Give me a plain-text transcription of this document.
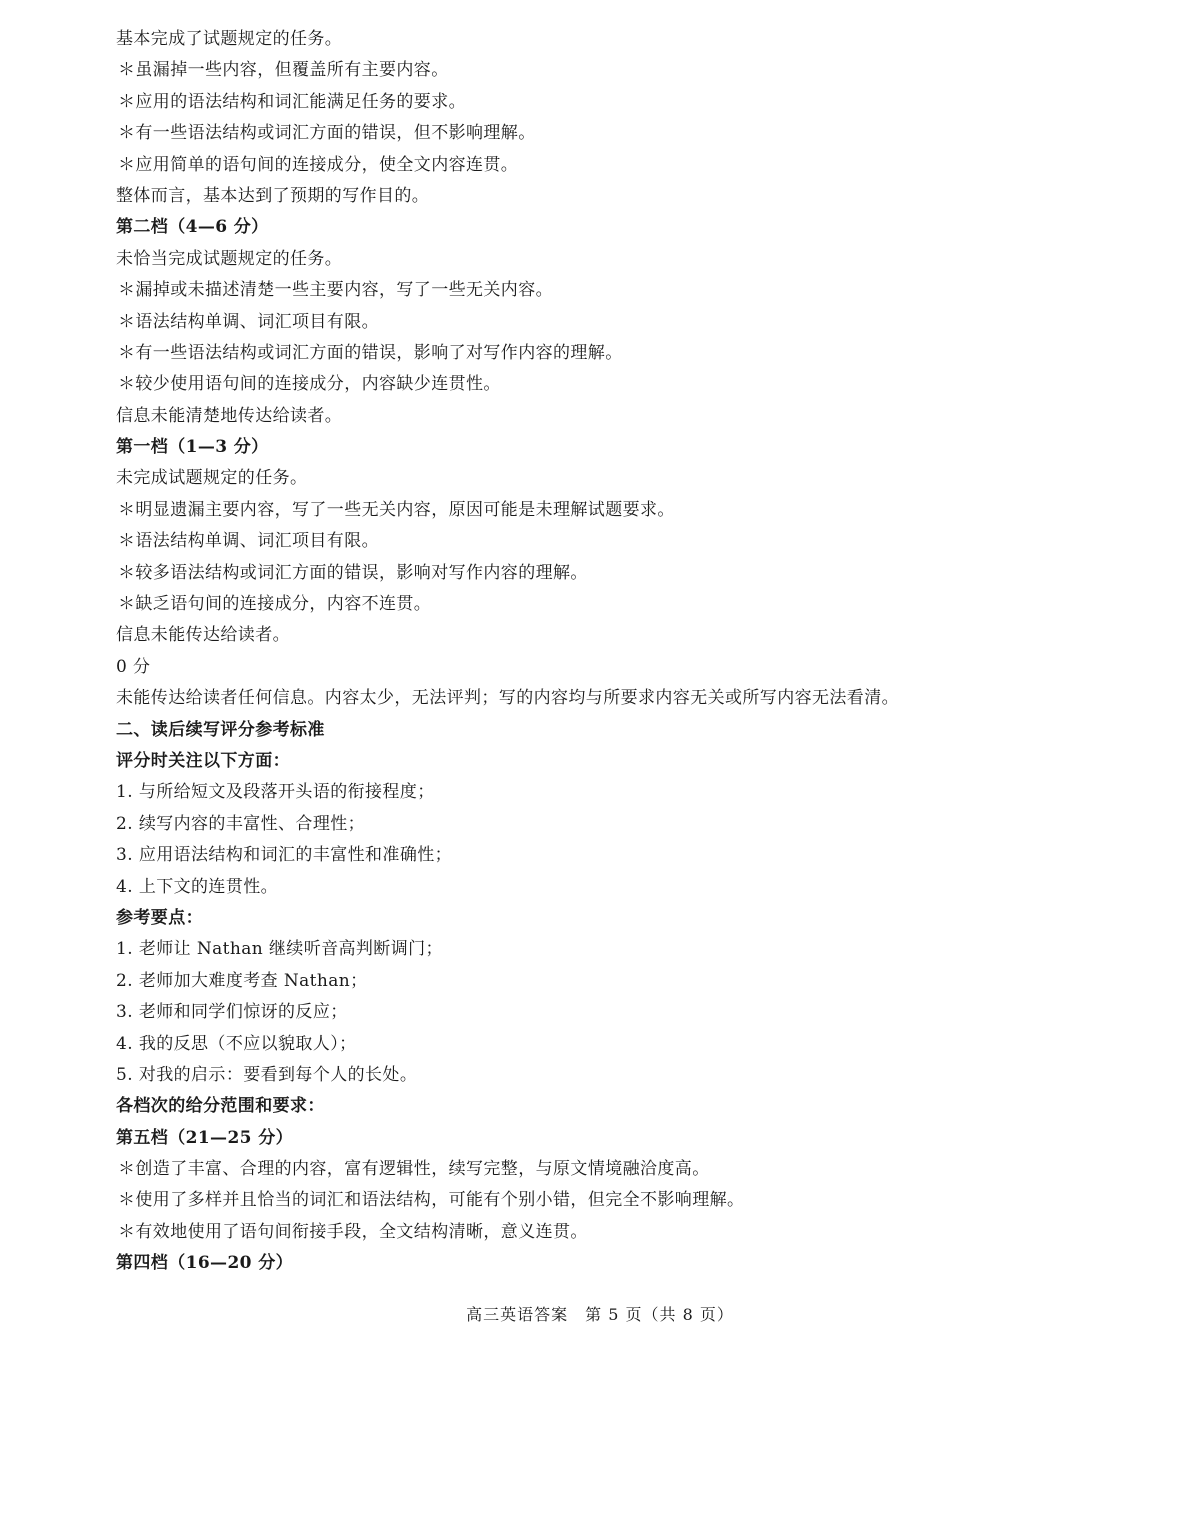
基本完成了试题规定的任务。
＊虽漏掉一些内容，但覆盖所有主要内容。
＊应用的语法结构和词汇能满足任务的要求。
＊有一些语法结构或词汇方面的错误，但不影响理解。
＊应用简单的语句间的连接成分，使全文内容连贯。
整体而言，基本达到了预期的写作目的。
第二档（4—6 分）
未恰当完成试题规定的任务。
＊漏掉或未描述清楚一些主要内容，写了一些无关内容。
＊语法结构单调、词汇项目有限。
＊有一些语法结构或词汇方面的错误，影响了对写作内容的理解。
＊较少使用语句间的连接成分，内容缺少连贯性。
信息未能清楚地传达给读者。
第一档（1—3 分）
未完成试题规定的任务。
＊明显遗漏主要内容，写了一些无关内容，原因可能是未理解试题要求。
＊语法结构单调、词汇项目有限。
＊较多语法结构或词汇方面的错误，影响对写作内容的理解。
＊缺乏语句间的连接成分，内容不连贯。
信息未能传达给读者。
0 分
未能传达给读者任何信息。内容太少，无法评判；写的内容均与所要求内容无关或所写内容无法看清。
二、读后续写评分参考标准
评分时关注以下方面：
1. 与所给短文及段落开头语的衔接程度；
2. 续写内容的丰富性、合理性；
3. 应用语法结构和词汇的丰富性和准确性；
4. 上下文的连贯性。
参考要点：
1. 老师让 Nathan 继续听音高判断调门；
2. 老师加大难度考查 Nathan；
3. 老师和同学们惊讶的反应；
4. 我的反思（不应以貌取人）；
5. 对我的启示：要看到每个人的长处。
各档次的给分范围和要求：
第五档（21—25 分）
＊创造了丰富、合理的内容，富有逻辑性，续写完整，与原文情境融洽度高。
＊使用了多样并且恰当的词汇和语法结构，可能有个别小错，但完全不影响理解。
＊有效地使用了语句间衔接手段，全文结构清晰，意义连贯。
第四档（16—20 分）
高三英语答案　第 5 页（共 8 页）
